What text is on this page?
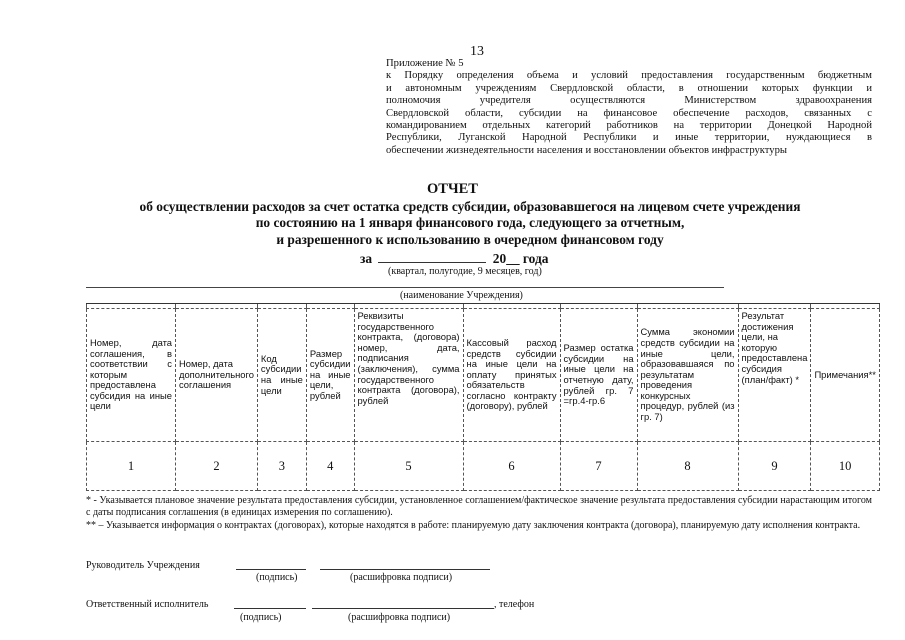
13
Приложение № 5
к Порядку определения объема и условий предоставления государственным бюджетным
и автономным учреждениям Свердловской области, в отношении которых функции и
полномочия учредителя осуществляются Министерством здравоохранения
Свердловской области, субсидии на финансовое обеспечение расходов, связанных с
командированием отдельных категорий работников на территории Донецкой Народной
Республики, Луганской Народной Республики и иные территории, нуждающиеся в
обеспечении жизнедеятельности населения и восстановлении объектов инфраструктуры
ОТЧЕТ
об осуществлении расходов за счет остатка средств субсидии, образовавшегося на лицевом счете учреждения
по состоянию на 1 января финансового года, следующего за отчетным,
и разрешенного к использованию в очередном финансовом году
за	20__ года
(квартал, полугодие, 9 месяцев, год)
(наименование Учреждения)

Номер, дата соглашения, в соответствии с которым предоставлена субсидия на иные цели	Номер, дата дополнительного соглашения	Код субсидии на иные цели	Размер субсидии на иные цели, рублей	Реквизиты государственного контракта, (договора) номер, дата, подписания (заключения), сумма государственного контракта (договора), рублей	Кассовый расход средств субсидии на иные цели на оплату принятых обязательств согласно контракту (договору), рублей	Размер остатка субсидии на иные цели на отчетную дату, рублей гр. 7 =гр.4-гр.6	Сумма экономии средств субсидии на иные цели, образовавшаяся по результатам проведения конкурсных процедур, рублей (из гр. 7)	Результат достижения цели, на которую предоставлена субсидия (план/факт) *	Примечания**
1	2	3	4	5	6	7	8	9	10
* - Указывается плановое значение результата предоставления субсидии, установленное соглашением/фактическое значение результата предоставления субсидии нарастающим итогом с даты подписания соглашения (в единицах измерения по соглашению).
** – Указывается информация о контрактах (договорах), которые находятся в работе: планируемую дату заключения контракта (договора), планируемую дату исполнения контракта.
Руководитель Учреждения
(подпись)	(расшифровка подписи)
Ответственный исполнитель	, телефон
(подпись)	(расшифровка подписи)
